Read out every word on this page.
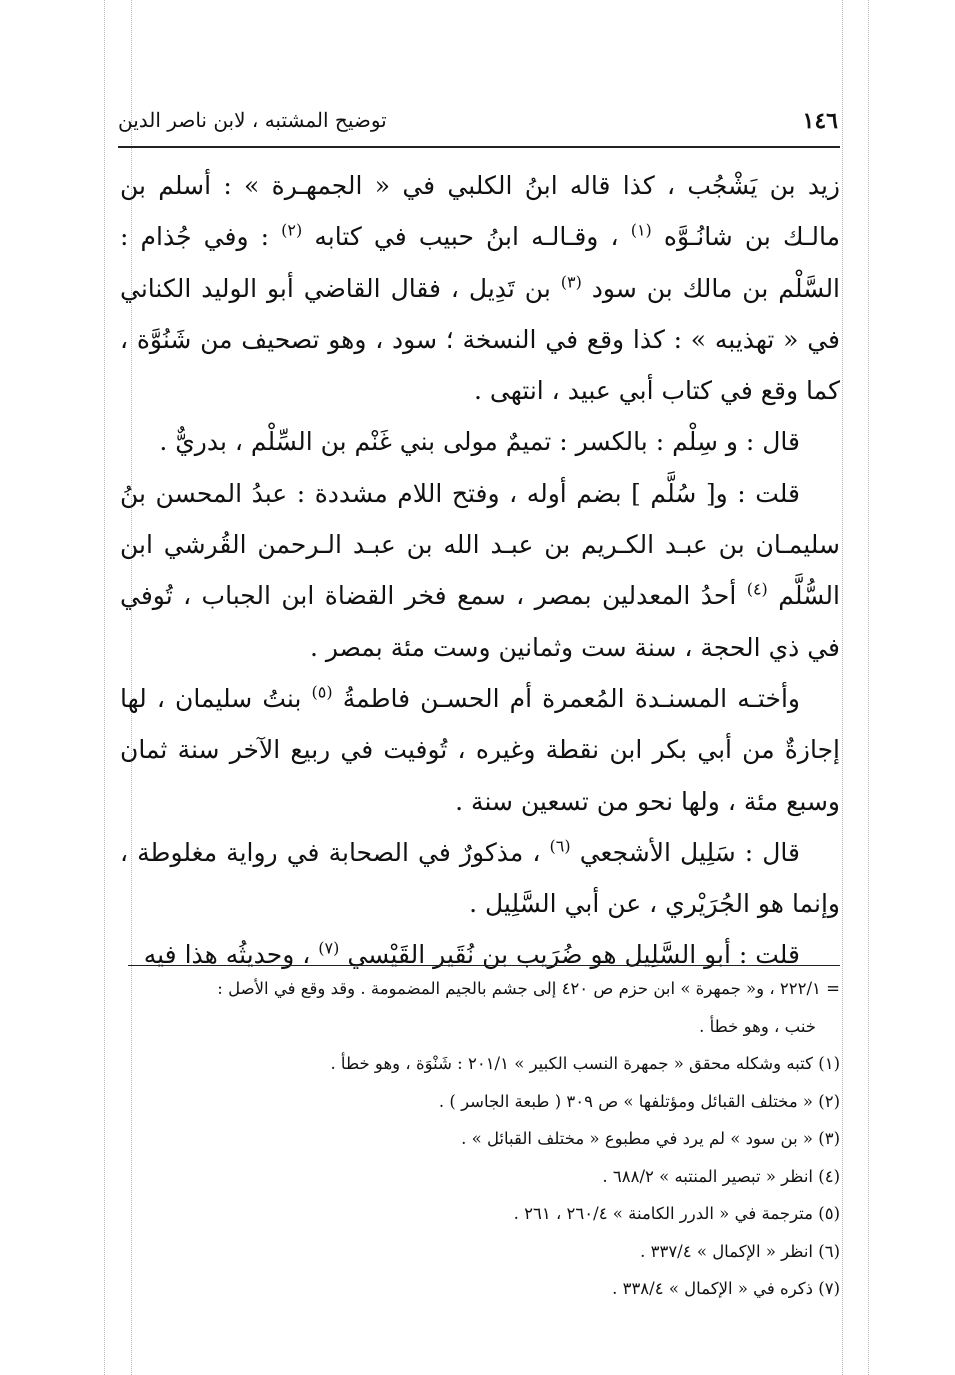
توضيح المشتبه ، لابن ناصر الدين	١٤٦

زيد بن يَشْجُب ، كذا قاله ابنُ الكلبي في « الجمهـرة » : أسلم بن مالـك بن شانُـوَّه $^{(١)}$ ، وقـالـه ابنُ حبيب في كتابه $^{(٢)}$ : وفي جُذام : السَّلْم بن مالك بن سود $^{(٣)}$ بن تَدِيل ، فقال القاضي أبو الوليد الكناني في « تهذيبه » : كذا وقع في النسخة ؛ سود ، وهو تصحيف من شَنُوَّة ، كما وقع في كتاب أبي عبيد ، انتهى .

قال : و سِلْم : بالكسر : تميمٌ مولى بني غَنْم بن السِّلْم ، بدريٌّ .

قلت : و[ سُلَّم ] بضم أوله ، وفتح اللام مشددة : عبدُ المحسن بنُ سليمـان بن عبـد الكـريم بن عبـد الله بن عبـد الـرحمن القُرشي ابن السُّلَّم $^{(٤)}$ أحدُ المعدلين بمصر ، سمع فخر القضاة ابن الجباب ، تُوفي في ذي الحجة ، سنة ست وثمانين وست مئة بمصر .

وأختـه المسنـدة المُعمرة أم الحسـن فاطمةُ $^{(٥)}$ بنتُ سليمان ، لها إجازةٌ من أبي بكر ابن نقطة وغيره ، تُوفيت في ربيع الآخر سنة ثمان وسبع مئة ، ولها نحو من تسعين سنة .

قال : سَلِيل الأشجعي $^{(٦)}$ ، مذكورٌ في الصحابة في رواية مغلوطة ، وإنما هو الجُرَيْري ، عن أبي السَّلِيل .

قلت : أبو السَّلِيل هو ضُرَيب بن نُقَير القَيْسي $^{(٧)}$ ، وحديثُه هذا فيه

= ٢٢٢/١ ، و« جمهرة » ابن حزم ص ٤٢٠ إلى جشم بالجيم المضمومة . وقد وقع في الأصل :

خنب ، وهو خطأ .

(١) كتبه وشكله محقق « جمهرة النسب الكبير » ٢٠١/١ : شَنْوَة ، وهو خطأ .

(٢) « مختلف القبائل ومؤتلفها » ص ٣٠٩ ( طبعة الجاسر ) .

(٣) « بن سود » لم يرد في مطبوع « مختلف القبائل » .

(٤) انظر « تبصير المنتبه » ٦٨٨/٢ .

(٥) مترجمة في « الدرر الكامنة » ٢٦٠/٤ ، ٢٦١ .

(٦) انظر « الإكمال » ٣٣٧/٤ .

(٧) ذكره في « الإكمال » ٣٣٨/٤ .
